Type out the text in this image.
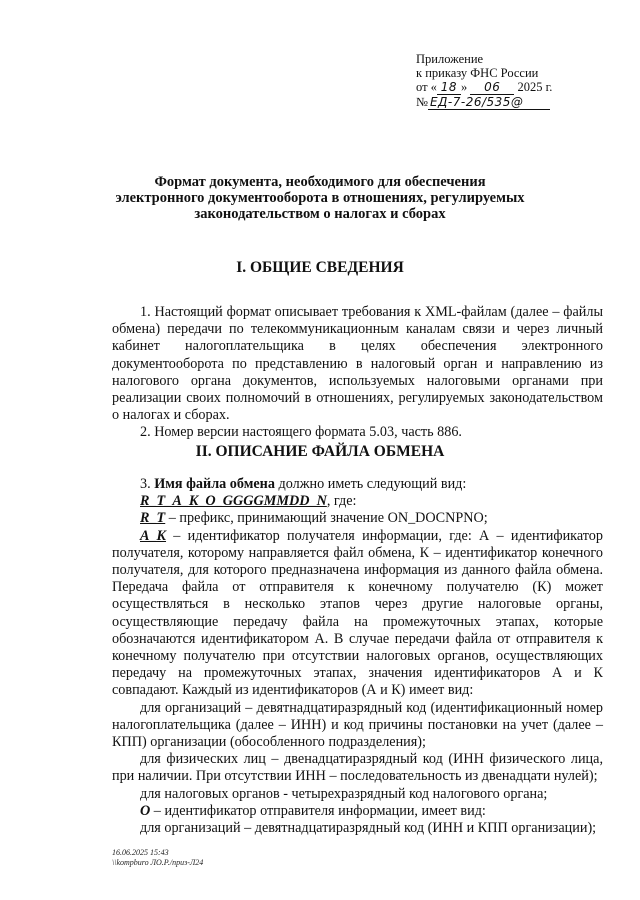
Приложение
к приказу ФНС России
от « 18 » 06 2025 г.
№ ЕД-7-26/535@
Формат документа, необходимого для обеспечения
электронного документооборота в отношениях, регулируемых
законодательством о налогах и сборах
I. ОБЩИЕ СВЕДЕНИЯ

1. Настоящий формат описывает требования к XML-файлам (далее – файлы обмена) передачи по телекоммуникационным каналам связи и через личный кабинет налогоплательщика в целях обеспечения электронного документооборота по представлению в налоговый орган и направлению из налогового органа документов, используемых налоговыми органами при реализации своих полномочий в отношениях, регулируемых законодательством о налогах и сборах.

2. Номер версии настоящего формата 5.03, часть 886.

II. ОПИСАНИЕ ФАЙЛА ОБМЕНА

3. Имя файла обмена должно иметь следующий вид:

R_T_A_K_O_GGGGMMDD_N, где:

R_T – префикс, принимающий значение ON_DOCNPNO;

A_K – идентификатор получателя информации, где: А – идентификатор получателя, которому направляется файл обмена, К – идентификатор конечного получателя, для которого предназначена информация из данного файла обмена. Передача файла от отправителя к конечному получателю (К) может осуществляться в несколько этапов через другие налоговые органы, осуществляющие передачу файла на промежуточных этапах, которые обозначаются идентификатором А. В случае передачи файла от отправителя к конечному получателю при отсутствии налоговых органов, осуществляющих передачу на промежуточных этапах, значения идентификаторов А и К совпадают. Каждый из идентификаторов (А и К) имеет вид:

для организаций – девятнадцатиразрядный код (идентификационный номер налогоплательщика (далее – ИНН) и код причины постановки на учет (далее – КПП) организации (обособленного подразделения);

для физических лиц – двенадцатиразрядный код (ИНН физического лица, при наличии. При отсутствии ИНН – последовательность из двенадцати нулей);

для налоговых органов - четырехразрядный код налогового органа;

O – идентификатор отправителя информации, имеет вид:

для организаций – девятнадцатиразрядный код (ИНН и КПП организации);

16.06.2025 15:43
\\kompburo ЛО.Р./приз-Л24
